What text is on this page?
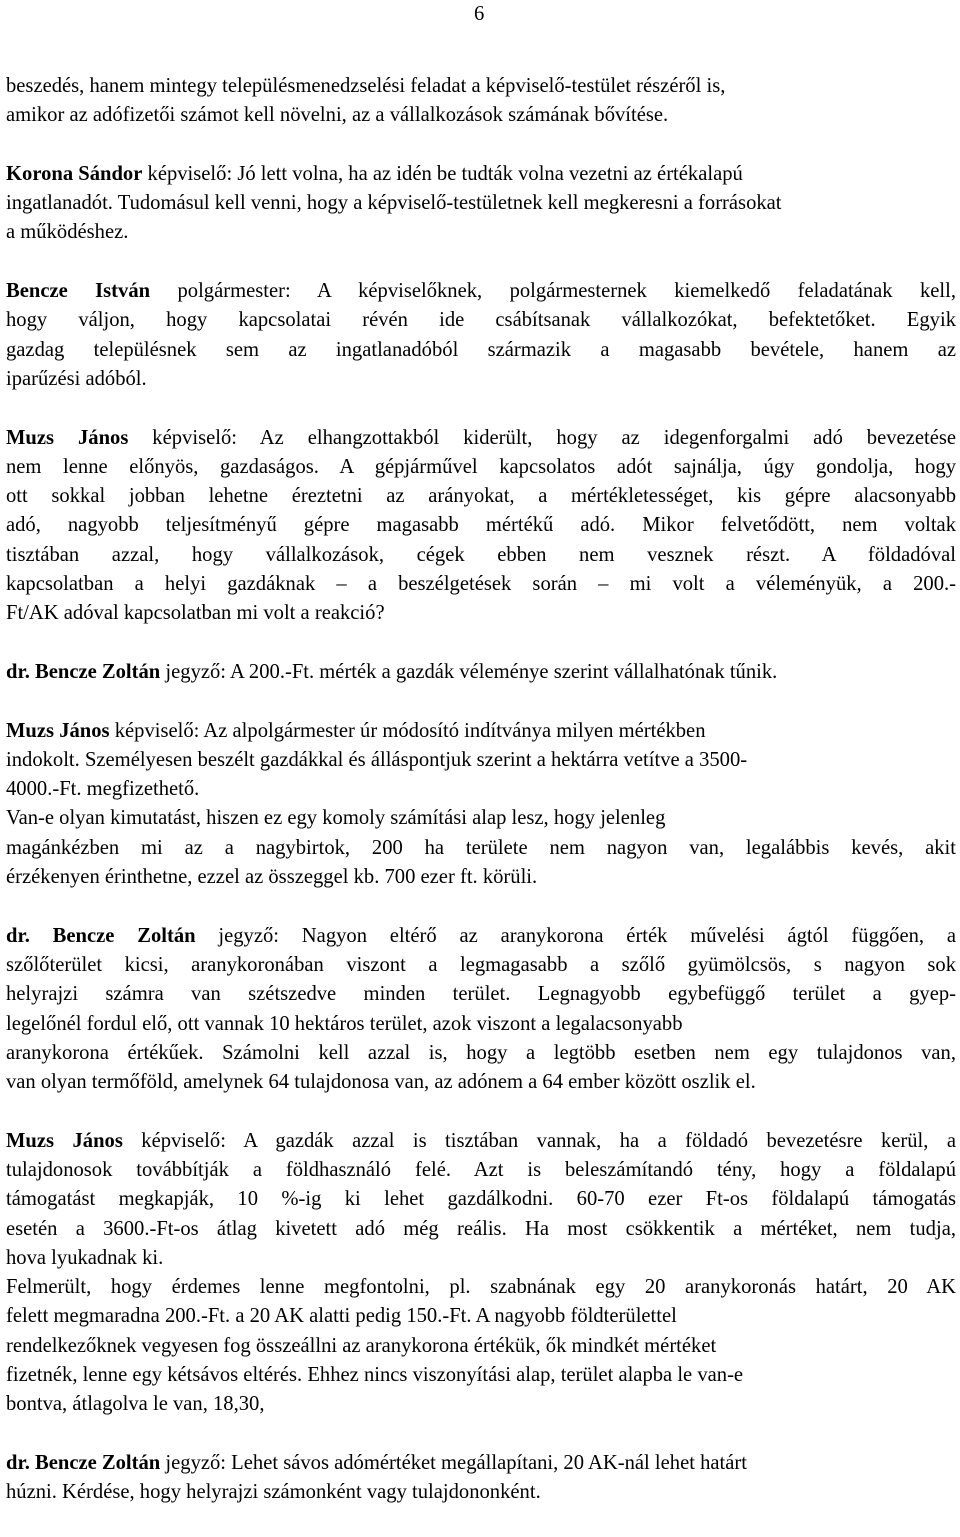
6
beszedés, hanem mintegy településmenedzselési feladat a képviselő-testület részéről is,
amikor az adófizetői számot kell növelni, az a vállalkozások számának bővítése.
Korona Sándor képviselő: Jó lett volna, ha az idén be tudták volna vezetni az értékalapú
ingatlanadót. Tudomásul kell venni, hogy a képviselő-testületnek kell megkeresni a forrásokat
a működéshez.
Bencze István polgármester: A képviselőknek, polgármesternek kiemelkedő feladatának kell,
hogy váljon, hogy kapcsolatai révén ide csábítsanak vállalkozókat, befektetőket. Egyik
gazdag településnek sem az ingatlanadóból származik a magasabb bevétele, hanem az
iparűzési adóból.
Muzs János képviselő: Az elhangzottakból kiderült, hogy az idegenforgalmi adó bevezetése
nem lenne előnyös, gazdaságos. A gépjárművel kapcsolatos adót sajnálja, úgy gondolja, hogy
ott sokkal jobban lehetne éreztetni az arányokat, a mértékletességet, kis gépre alacsonyabb
adó, nagyobb teljesítményű gépre magasabb mértékű adó. Mikor felvetődött, nem voltak
tisztában azzal, hogy vállalkozások, cégek ebben nem vesznek részt. A földadóval
kapcsolatban a helyi gazdáknak – a beszélgetések során – mi volt a véleményük, a 200.-
Ft/AK adóval kapcsolatban mi volt a reakció?
dr. Bencze Zoltán jegyző: A 200.-Ft. mérték a gazdák véleménye szerint vállalhatónak tűnik.
Muzs János képviselő: Az alpolgármester úr módosító indítványa milyen mértékben
indokolt. Személyesen beszélt gazdákkal és álláspontjuk szerint a hektárra vetítve a 3500-
4000.-Ft. megfizethető.
Van-e olyan kimutatást, hiszen ez egy komoly számítási alap lesz, hogy jelenleg
magánkézben mi az a nagybirtok, 200 ha területe nem nagyon van, legalábbis kevés, akit
érzékenyen érinthetne, ezzel az összeggel kb. 700 ezer ft. körüli.
dr. Bencze Zoltán jegyző: Nagyon eltérő az aranykorona érték művelési ágtól függően, a
szőlőterület kicsi, aranykoronában viszont a legmagasabb a szőlő gyümölcsös, s nagyon sok
helyrajzi számra van szétszedve minden terület. Legnagyobb egybefüggő terület a gyep-
legelőnél fordul elő, ott vannak 10 hektáros terület, azok viszont a legalacsonyabb
aranykorona értékűek. Számolni kell azzal is, hogy a legtöbb esetben nem egy tulajdonos van,
van olyan termőföld, amelynek 64 tulajdonosa van, az adónem a 64 ember között oszlik el.
Muzs János képviselő: A gazdák azzal is tisztában vannak, ha a földadó bevezetésre kerül, a
tulajdonosok továbbítják a földhasználó felé. Azt is beleszámítandó tény, hogy a földalapú
támogatást megkapják, 10 %-ig ki lehet gazdálkodni. 60-70 ezer Ft-os földalapú támogatás
esetén a 3600.-Ft-os átlag kivetett adó még reális. Ha most csökkentik a mértéket, nem tudja,
hova lyukadnak ki.
Felmerült, hogy érdemes lenne megfontolni, pl. szabnának egy 20 aranykoronás határt, 20 AK
felett megmaradna 200.-Ft. a 20 AK alatti pedig 150.-Ft. A nagyobb földterülettel
rendelkezőknek vegyesen fog összeállni az aranykorona értékük, ők mindkét mértéket
fizetnék, lenne egy kétsávos eltérés. Ehhez nincs viszonyítási alap, terület alapba le van-e
bontva, átlagolva le van, 18,30,
dr. Bencze Zoltán jegyző: Lehet sávos adómértéket megállapítani, 20 AK-nál lehet határt
húzni. Kérdése, hogy helyrajzi számonként vagy tulajdononként.
